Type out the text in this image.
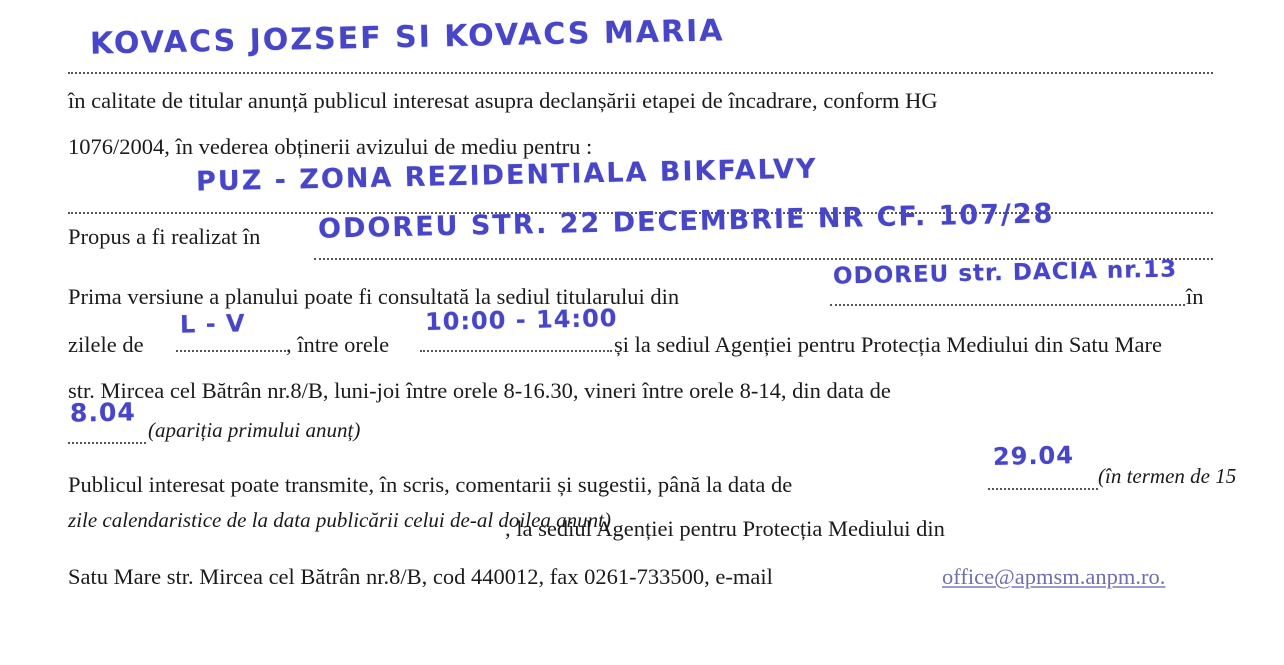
KOVACS JOZSEF SI KOVACS MARIA
în calitate de titular anunță publicul interesat asupra declanșării etapei de încadrare, conform HG
1076/2004, în vederea obținerii avizului de mediu pentru :
PUZ - ZONA REZIDENTIALA BIKFALVY
Propus a fi realizat în ODOREU STR. 22 DECEMBRIE NR CF. 107/28
Prima versiune a planului poate fi consultată la sediul titularului din
ODOREU str. DACIA nr.13
în
zilele de
L - V
, între orele
10:00 - 14:00
și la sediul Agenției pentru Protecția Mediului din Satu Mare
str. Mircea cel Bătrân nr.8/B, luni-joi între orele 8-16.30, vineri între orele 8-14, din data de
8.04
(apariția primului anunț)
Publicul interesat poate transmite, în scris, comentarii și sugestii, până la data de
29.04
(în termen de 15
zile calendaristice de la data publicării celui de-al doilea anunț)
, la sediul Agenției pentru Protecția Mediului din
Satu Mare str. Mircea cel Bătrân nr.8/B, cod 440012, fax 0261-733500, e-mail	office@apmsm.anpm.ro.
